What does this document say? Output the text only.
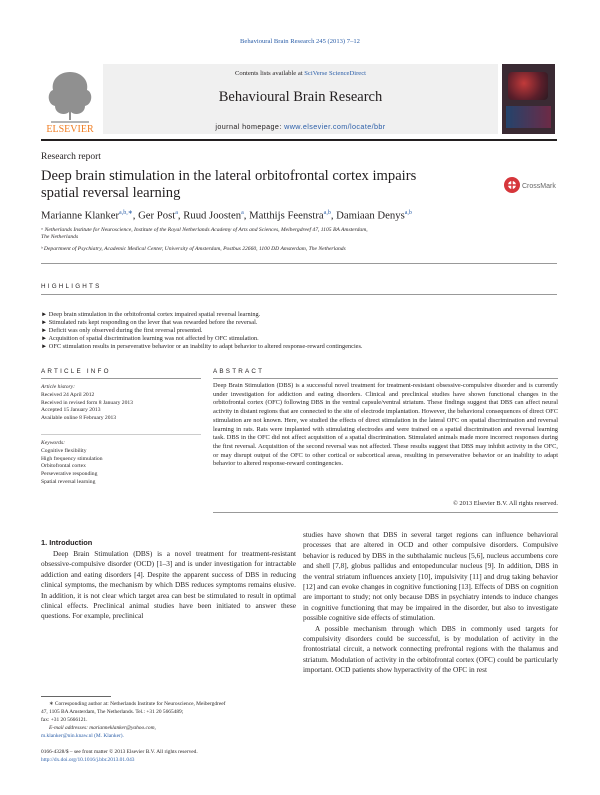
Behavioural Brain Research 245 (2013) 7–12
ELSEVIER
Contents lists available at SciVerse ScienceDirect
Behavioural Brain Research
journal homepage: www.elsevier.com/locate/bbr
Research report
Deep brain stimulation in the lateral orbitofrontal cortex impairs
spatial reversal learning	CrossMark
Marianne Klanker$^{a,b,∗}$, Ger Post$^a$, Ruud Joosten$^a$, Matthijs Feenstra$^{a,b}$, Damiaan Denys$^{a,b}$
ᵃ Netherlands Institute for Neuroscience, Institute of the Royal Netherlands Academy of Arts and Sciences, Meibergdreef 47, 1105 BA Amsterdam,
The Netherlands
ᵇ Department of Psychiatry, Academic Medical Center, University of Amsterdam, Postbus 22660, 1100 DD Amsterdam, The Netherlands
HIGHLIGHTS
► Deep brain stimulation in the orbitofrontal cortex impaired spatial reversal learning.
► Stimulated rats kept responding on the lever that was rewarded before the reversal.
► Deficit was only observed during the first reversal presented.
► Acquisition of spatial discrimination learning was not affected by OFC stimulation.
► OFC stimulation results in perseverative behavior or an inability to adapt behavior to altered response-reward contingencies.
ARTICLE INFO	ABSTRACT
Article history:
Received 24 April 2012
Received in revised form 8 January 2013
Accepted 15 January 2013
Available online 8 February 2013
Keywords:
Cognitive flexibility
High frequency stimulation
Orbitofrontal cortex
Perseverative responding
Spatial reversal learning
Deep Brain Stimulation (DBS) is a successful novel treatment for treatment-resistant obsessive-compulsive disorder and is currently under investigation for addiction and eating disorders. Clinical and preclinical studies have shown functional changes in the orbitofrontal cortex (OFC) following DBS in the ventral capsule/ventral striatum. These findings suggest that DBS can affect neural activity in distant regions that are connected to the site of electrode implantation. However, the behavioral consequences of direct OFC stimulation are not known. Here, we studied the effects of direct stimulation in the lateral OFC on spatial discrimination and reversal learning in rats. Rats were implanted with stimulating electrodes and were trained on a spatial discrimination and reversal learning task. DBS in the OFC did not affect acquisition of a spatial discrimination. Stimulated animals made more incorrect responses during the first reversal. Acquisition of the second reversal was not affected. These results suggest that DBS may inhibit activity in the OFC, or may disrupt output of the OFC to other cortical or subcortical areas, resulting in perseverative behavior or an inability to adapt behavior to altered response-reward contingencies.
© 2013 Elsevier B.V. All rights reserved.
1. Introduction
Deep Brain Stimulation (DBS) is a novel treatment for treatment-resistant obsessive-compulsive disorder (OCD) [1–3] and is under investigation for intractable addiction and eating disorders [4]. Despite the apparent success of DBS in reducing clinical symptoms, the mechanism by which DBS reduces symptoms remains elusive. In addition, it is not clear which target area can best be stimulated to result in optimal clinical effects. Preclinical animal studies have been initiated to answer these questions. For example, preclinical

studies have shown that DBS in several target regions can influence behavioral processes that are altered in OCD and other compulsive disorders. Compulsive behavior is reduced by DBS in the subthalamic nucleus [5,6], nucleus accumbens core and shell [7,8], globus pallidus and entopeduncular nucleus [9]. In addition, DBS in the ventral striatum influences anxiety [10], impulsivity [11] and drug taking behavior [12] and can evoke changes in cognitive functioning [13]. Effects of DBS on cognition are important to study; not only because DBS in psychiatry intends to induce changes in cognitive functioning that may be impaired in the disorder, but also to investigate possible cognitive side effects of stimulation.

A possible mechanism through which DBS in commonly used targets for compulsivity disorders could be successful, is by modulation of activity in the frontostriatal circuit, a network connecting prefrontal regions with the thalamus and striatum. Modulation of activity in the orbitofrontal cortex (OFC) could be particularly important. OCD patients show hyperactivity of the OFC in rest

∗ Corresponding author at: Netherlands Institute for Neuroscience, Meibergdreef
47, 1105 BA Amsterdam, The Netherlands. Tel.: +31 20 5665489;
fax: +31 20 5666121.
E-mail addresses: marianneklanker@yahoo.com,
m.klanker@nin.knaw.nl (M. Klanker).
0166-4328/$ – see front matter © 2013 Elsevier B.V. All rights reserved.
http://dx.doi.org/10.1016/j.bbr.2013.01.043
